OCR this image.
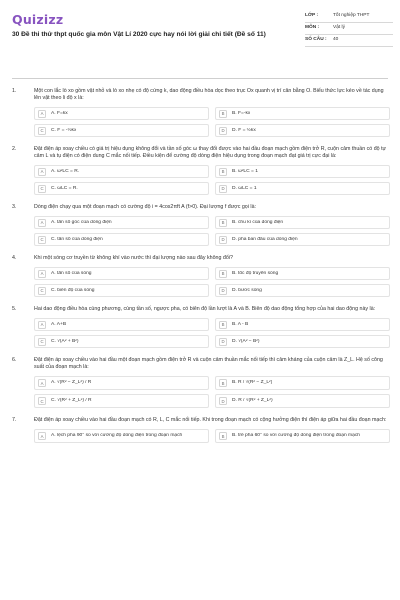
Quizizz
30 Đề thi thử thpt quốc gia môn Vật Lí 2020 cực hay nói lời giải chi tiết (Đề số 11)
LỚP :	Tốt nghiệp THPT
MÔN :	Vật lý
SỐ CÂU :	40
1.	Một con lắc lò xo gồm vật nhỏ và lò xo nhẹ có độ cứng k, dao động điều hòa dọc theo trục Ox quanh vị trí cân bằng O. Biểu thức lực kéo về tác dụng lên vật theo li độ x là:
A	A. F=kx	B	B. F=-kx
C	C. F = -½kx	D	D. F = ½kx
2.	Đặt điện áp xoay chiều có giá trị hiệu dụng không đổi và tần số góc ω thay đổi được vào hai đầu đoạn mạch gồm điện trở R, cuộn cảm thuần có độ tự cảm L và tụ điện có điện dung C mắc nối tiếp. Điều kiện để cường độ dòng điện hiệu dụng trong đoạn mạch đạt giá trị cực đại là:
A	A. ω²LC = R.	B	B. ω²LC = 1
C	C. ωLC = R.	D	D. ωLC = 1
3.	Dòng điện chạy qua một đoạn mạch có cường độ i = 4cos2πft A (f>0). Đại lượng f được gọi là:
A	A. tần số góc của dòng điện	B	B. chu kì của dòng điện
C	C. tần số của dòng điện	D	D. pha ban đầu của dòng điện
4.	Khi một sóng cơ truyền từ không khí vào nước thì đại lượng nào sau đây không đổi?
A	A. tần số của sóng	B	B. tốc độ truyền sóng
C	C. biên độ của sóng	D	D. bước sóng
5.	Hai dao động điều hòa cùng phương, cùng tần số, ngược pha, có biên độ lần lượt là A và B. Biên độ dao động tổng hợp của hai dao động này là:
A	A. A+B	B	B. A - B
C	C. √(A² + B²)	D	D. √(A² − B²)
6.	Đặt điện áp xoay chiều vào hai đầu một đoạn mạch gồm điện trở R và cuộn cảm thuần mắc nối tiếp thì cảm kháng của cuộn cảm là Z_L. Hệ số công suất của đoạn mạch là:
A	A. √(R² − Z_L²) / R	B	B. R / √(R² − Z_L²)
C	C. √(R² + Z_L²) / R	D	D. R / √(R² + Z_L²)
7.	Đặt điện áp xoay chiều vào hai đầu đoạn mạch có R, L, C mắc nối tiếp. Khi trong đoạn mạch có cộng hưởng điện thì điện áp giữa hai đầu đoạn mạch:
A	A. lệch pha 90° so với cường độ dòng điện trong đoạn mạch	B	B. trễ pha 60° so với cường độ dòng điện trong đoạn mạch
